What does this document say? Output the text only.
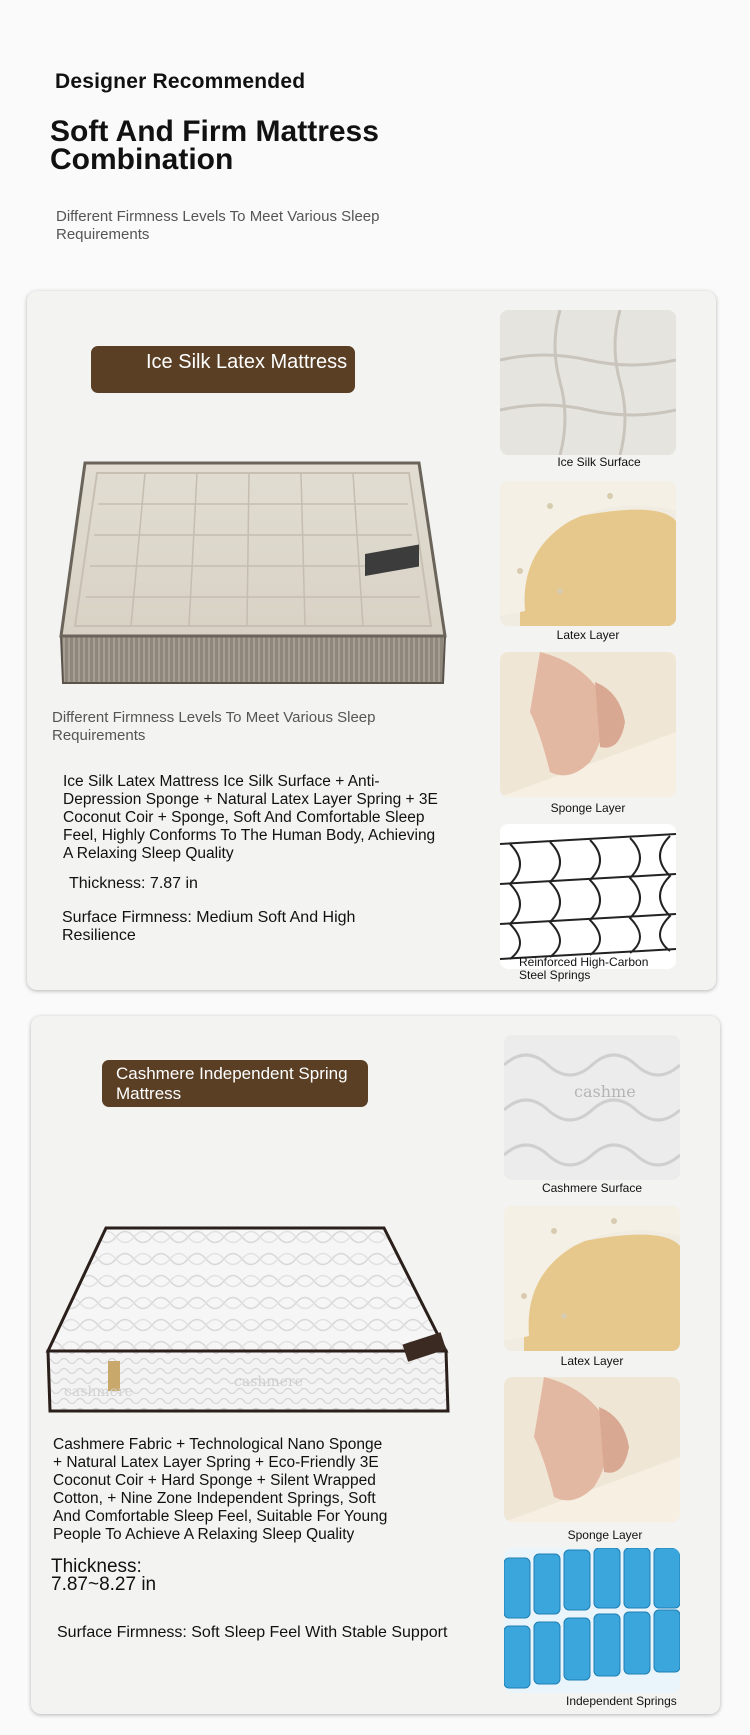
Designer Recommended
Soft And Firm Mattress Combination
Different Firmness Levels To Meet Various Sleep Requirements
Ice Silk Latex Mattress
Different Firmness Levels To Meet Various Sleep Requirements
Ice Silk Latex Mattress Ice Silk Surface + Anti-Depression Sponge + Natural Latex Layer Spring + 3E Coconut Coir + Sponge, Soft And Comfortable Sleep Feel, Highly Conforms To The Human Body, Achieving A Relaxing Sleep Quality
Thickness: 7.87 in
Surface Firmness: Medium Soft And High Resilience
Ice Silk Surface
Latex Layer
Sponge Layer
Reinforced High-Carbon Steel Springs
Cashmere Independent Spring Mattress
cashmere
cashmere
Cashmere Fabric + Technological Nano Sponge + Natural Latex Layer Spring + Eco-Friendly 3E Coconut Coir + Hard Sponge + Silent Wrapped Cotton, + Nine Zone Independent Springs, Soft And Comfortable Sleep Feel, Suitable For Young People To Achieve A Relaxing Sleep Quality
Thickness:
7.87~8.27 in
Surface Firmness: Soft Sleep Feel With Stable Support
cashme
Cashmere Surface
Latex Layer
Sponge Layer
Independent Springs
